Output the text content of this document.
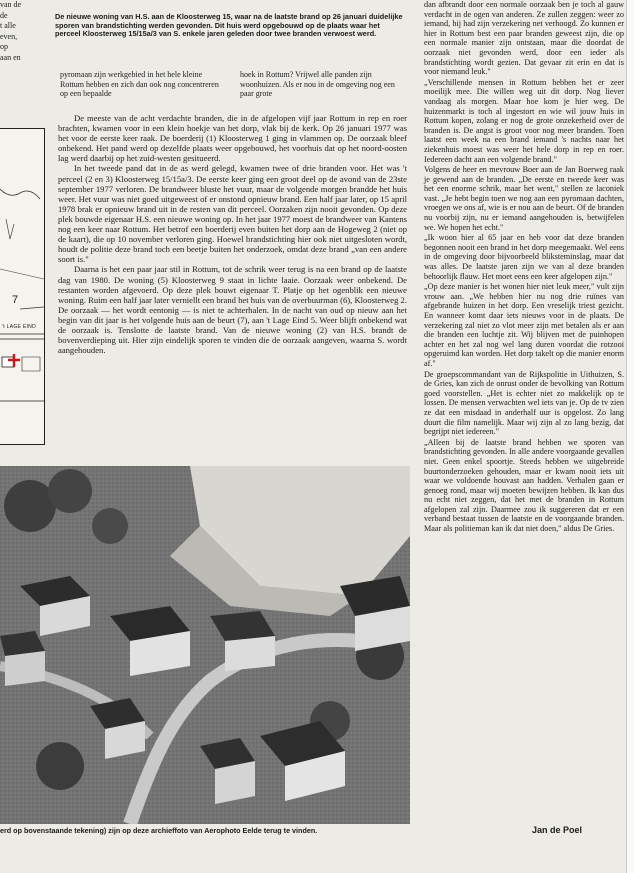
van de

de

t alle

even,

op

aan en

7
't LAGE EIND
De nieuwe woning van H.S. aan de Kloosterweg 15, waar na de laatste brand op 26 januari duidelijke sporen van brandstichting werden gevonden. Dit huis werd opgebouwd op de plaats waar het perceel Kloosterweg 15/15a/3 van S. enkele jaren geleden door twee branden verwoest werd.
pyromaan zijn werkgebied in het hele kleine Rottum hebben en zich dan ook nog concentreren op een bepaalde
hoek in Rottum? Vrijwel alle panden zijn woonhuizen. Als er nou in de omgeving nog een paar grote

De meeste van de acht verdachte branden, die in de afgelopen vijf jaar Rottum in rep en roer brachten, kwamen voor in een klein hoekje van het dorp, vlak bij de kerk. Op 26 januari 1977 was het voor de eerste keer raak. De boerderij (1) Kloosterweg 1 ging in vlammen op. De oorzaak bleef onbekend. Het pand werd op dezelfde plaats weer opgebouwd, het voorhuis dat op het noord-oosten lag werd daarbij op het zuid-westen gesitueerd.

In het tweede pand dat in de as werd gelegd, kwamen twee of drie branden voor. Het was 't perceel (2 en 3) Kloosterweg 15/15a/3. De eerste keer ging een groot deel op de avond van de 23ste september 1977 verloren. De brandweer bluste het vuur, maar de volgende morgen brandde het huis weer. Het vuur was niet goed uitgeweest of er onstond opnieuw brand. Een half jaar later, op 15 april 1978 brak er opnieuw brand uit in de resten van dit perceel. Oorzaken zijn nooit gevonden. Op deze plek bouwde eigenaar H.S. een nieuwe woning op. In het jaar 1977 moest de brandweer van Kantens nog een keer naar Rottum. Het betrof een boerderij even buiten het dorp aan de Hogeweg 2 (niet op de kaart), die op 10 november verloren ging. Hoewel brandstichting hier ook niet uitgesloten wordt, houdt de politie deze brand toch een beetje buiten het onderzoek, omdat deze brand „van een andere soort is."

Daarna is het een paar jaar stil in Rottum, tot de schrik weer terug is na een brand op de laatste dag van 1980. De woning (5) Kloosterweg 9 staat in lichte laaie. Oorzaak weer onbekend. De restanten worden afgevoerd. Op deze plek bouwt eigenaar T. Platje op het ogenblik een nieuwe woning. Ruim een half jaar later verniellt een brand het huis van de overbuurman (6), Kloosterweg 2. De oorzaak — het wordt eentonig — is niet te achterhalen. In de nacht van oud op nieuw aan het begin van dit jaar is het volgende huis aan de beurt (7), aan 't Lage Eind 5. Weer blijft onbekend wat de oorzaak is. Tenslotte de laatste brand. Van de nieuwe woning (2) van H.S. brandt de bovenverdieping uit. Hier zijn eindelijk sporen te vinden die de oorzaak aangeven, waarna S. wordt aangehouden.

dan afbrandt door een normale oorzaak ben je toch al gauw verdacht in de ogen van anderen. Ze zullen zeggen: weer zo iemand, hij had zijn verzekering net verhoogd. Zo kunnen er hier in Rottum best een paar branden geweest zijn, die op een normale manier zijn ontstaan, maar die doordat de oorzaak niet gevonden werd, door een ieder als brandstichting wordt gezien. Dat gevaar zit erin en dat is voor niemand leuk."

„Verschillende mensen in Rottum hebben het er zeer moeilijk mee. Die willen weg uit dit dorp. Nog liever vandaag als morgen. Maar hoe kom je hier weg. De huizenmarkt is toch al ingestort en wie wil jouw huis in Rottum kopen, zolang er nog de grote onzekerheid over de branden is. De angst is groot voor nog meer branden. Toen laatst een week na een brand iemand 's nachts naar het ziekenhuis moest was weer het hele dorp in rep en roer. Iedereen dacht aan een volgende brand."

Volgens de heer en mevrouw Boer aan de Jan Boerweg raak je gewend aan de branden. „De eerste en tweede keer was het een enorme schrik, maar het went," stellen ze laconiek vast. „Je hebt begin toen we nog aan een pyromaan dachten, vroegen we ons af, wie is er nou aan de beurt. Of de branden nu voorbij zijn, nu er iemand aangehouden is, betwijfelen we. We hopen het echt."

„Ik woon hier al 65 jaar en heb voor dat deze branden begonnen nooit een brand in het dorp meegemaakt. Wel eens in de omgeving door bijvoorbeeld bliksteminslag, maar dat was alles. De laatste jaren zijn we van al deze branden behoorlijk flauw. Het moet eens een keer afgelopen zijn."

„Op deze manier is het wonen hier niet leuk meer," vult zijn vrouw aan. „We hebben hier nu nog drie ruïnes van afgebrande huizen in het dorp. Een vreselijk triest gezicht. En wanneer komt daar iets nieuws voor in de plaats. De verzekering zal niet zo vlot meer zijn met betalen als er aan die branden een luchtje zit. Wij blijven met de puinhopen achter en het zal nog wel lang duren voordat die rotzooi opgeruimd kan worden. Het dorp takelt op die manier enorm af."

De groepscommandant van de Rijkspolitie in Uithuizen, S. de Gries, kan zich de onrust onder de bevolking van Rottum goed voorstellen. „Het is echter niet zo makkelijk op te lossen. De mensen verwachten wel iets van je. Op de tv zien ze dat een misdaad in anderhalf uur is opgelost. Zo lang duurt die film namelijk. Maar wij zijn al zo lang bezig, dat begrijpt niet iedereen."

„Alleen bij de laatste brand hebben we sporen van brandstichting gevonden. In alle andere voorgaande gevallen niet. Geen enkel spoortje. Steeds hebben we uitgebreide buurtonderzoeken gehouden, maar er kwam nooit iets uit waar we voldoende houvast aan hadden. Verhalen gaan er genoeg rond, maar wij moeten bewijzen hebben. Ik kan dus nu echt niet zeggen, dat het met de branden in Rottum afgelopen zal zijn. Daarmee zou ik suggereren dat er een verband bestaat tussen de laatste en de voorgaande branden. Maar als politieman kan ik dat niet doen," aldus De Gries.

erd op bovenstaande tekening) zijn op deze archieffoto van Aerophoto Eelde terug te vinden.	Jan de Poel
